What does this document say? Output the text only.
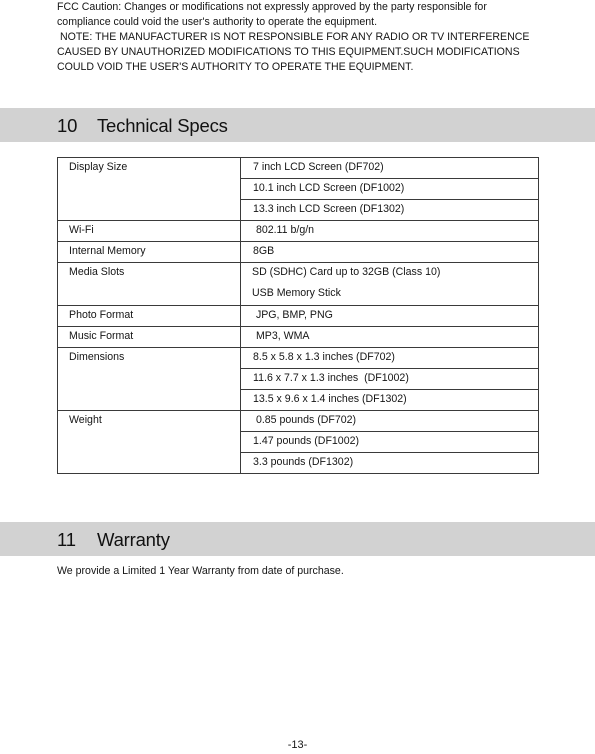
FCC Caution: Changes or modifications not expressly approved by the party responsible for

compliance could void the user's authority to operate the equipment.

NOTE: THE MANUFACTURER IS NOT RESPONSIBLE FOR ANY RADIO OR TV INTERFERENCE

CAUSED BY UNAUTHORIZED MODIFICATIONS TO THIS EQUIPMENT.SUCH MODIFICATIONS

COULD VOID THE USER'S AUTHORITY TO OPERATE THE EQUIPMENT.

10 Technical Specs
Display Size	7 inch LCD Screen (DF702)
	10.1 inch LCD Screen (DF1002)
	13.3 inch LCD Screen (DF1302)
Wi-Fi	802.11 b/g/n
Internal Memory	8GB
Media Slots	SD (SDHC) Card up to 32GB (Class 10)
USB Memory Stick

Photo Format	JPG, BMP, PNG
Music Format	MP3, WMA
Dimensions	8.5 x 5.8 x 1.3 inches (DF702)
	11.6 x 7.7 x 1.3 inches  (DF1002)
	13.5 x 9.6 x 1.4 inches (DF1302)
Weight	0.85 pounds (DF702)
	1.47 pounds (DF1002)
	3.3 pounds (DF1302)
11 Warranty

We provide a Limited 1 Year Warranty from date of purchase.

-13-
